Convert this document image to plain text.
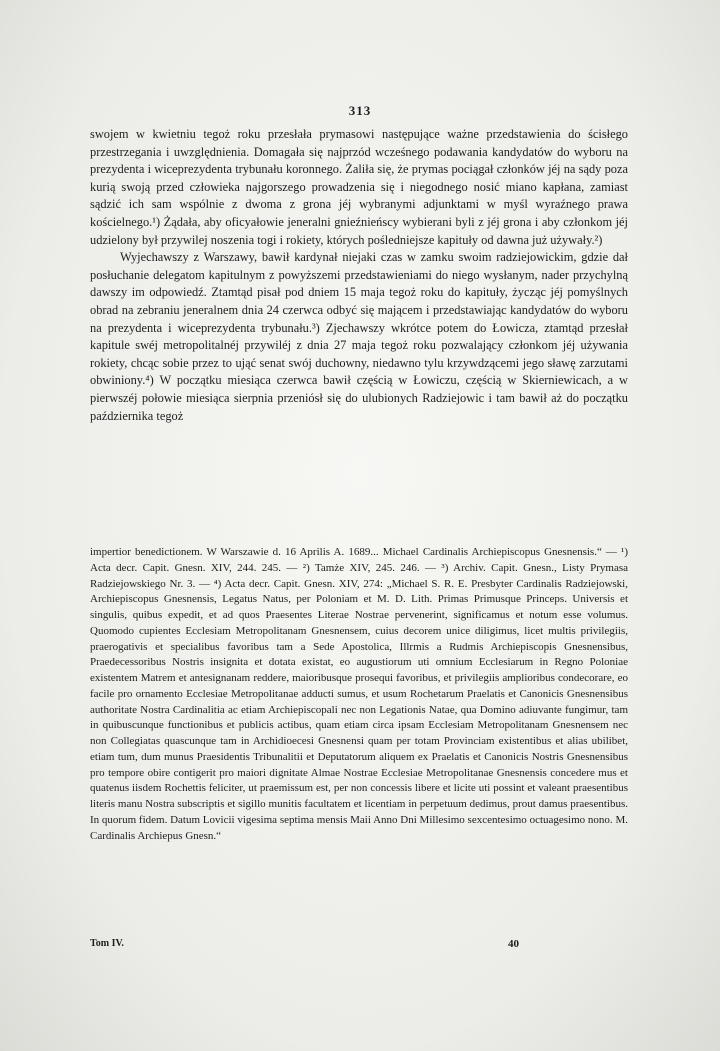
313

swojem w kwietniu tegoż roku przesłała prymasowi następujące ważne przedstawienia do ścisłego przestrzegania i uwzględnienia. Domagała się najprzód wcześnego podawania kandydatów do wyboru na prezydenta i wiceprezydenta trybunału koronnego. Żaliła się, że prymas pociągał członków jéj na sądy poza kurią swoją przed człowieka najgorszego prowadzenia się i niegodnego nosić miano kapłana, zamiast sądzić ich sam wspólnie z dwoma z grona jéj wybranymi adjunktami w myśl wyraźnego prawa kościelnego.¹) Żądała, aby oficyałowie jeneralni gnieźnieńscy wybierani byli z jéj grona i aby członkom jéj udzielony był przywilej noszenia togi i rokiety, których pośledniejsze kapituły od dawna już używały.²)

Wyjechawszy z Warszawy, bawił kardynał niejaki czas w zamku swoim radziejowickim, gdzie dał posłuchanie delegatom kapitulnym z powyższemi przedstawieniami do niego wysłanym, nader przychylną dawszy im odpowiedź. Ztamtąd pisał pod dniem 15 maja tegoż roku do kapituły, życząc jéj pomyślnych obrad na zebraniu jeneralnem dnia 24 czerwca odbyć się mającem i przedstawiając kandydatów do wyboru na prezydenta i wiceprezydenta trybunału.³) Zjechawszy wkrótce potem do Łowicza, ztamtąd przesłał kapitule swéj metropolitalnéj przywiléj z dnia 27 maja tegoż roku pozwalający członkom jéj używania rokiety, chcąc sobie przez to ująć senat swój duchowny, niedawno tylu krzywdzącemi jego sławę zarzutami obwiniony.⁴) W początku miesiąca czerwca bawił częścią w Łowiczu, częścią w Skierniewicach, a w pierwszéj połowie miesiąca sierpnia przeniósł się do ulubionych Radziejowic i tam bawił aż do początku października tegoż

impertior benedictionem. W Warszawie d. 16 Aprilis A. 1689... Michael Cardinalis Archiepiscopus Gnesnensis.“ — ¹) Acta decr. Capit. Gnesn. XIV, 244. 245. — ²) Tamże XIV, 245. 246. — ³) Archiv. Capit. Gnesn., Listy Prymasa Radziejowskiego Nr. 3. — ⁴) Acta decr. Capit. Gnesn. XIV, 274: „Michael S. R. E. Presbyter Cardinalis Radziejowski, Archiepiscopus Gnesnensis, Legatus Natus, per Poloniam et M. D. Lith. Primas Primusque Princeps. Universis et singulis, quibus expedit, et ad quos Praesentes Literae Nostrae pervenerint, significamus et notum esse volumus. Quomodo cupientes Ecclesiam Metropolitanam Gnesnensem, cuius decorem unice diligimus, licet multis privilegiis, praerogativis et specialibus favoribus tam a Sede Apostolica, Illrmis a Rudmis Archiepiscopis Gnesnensibus, Praedecessoribus Nostris insignita et dotata existat, eo augustiorum uti omnium Ecclesiarum in Regno Poloniae existentem Matrem et antesignanam reddere, maioribusque prosequi favoribus, et privilegiis amplioribus condecorare, eo facile pro ornamento Ecclesiae Metropolitanae adducti sumus, et usum Rochetarum Praelatis et Canonicis Gnesnensibus authoritate Nostra Cardinalitia ac etiam Archiepiscopali nec non Legationis Natae, qua Domino adiuvante fungimur, tam in quibuscunque functionibus et publicis actibus, quam etiam circa ipsam Ecclesiam Metropolitanam Gnesnensem nec non Collegiatas quascunque tam in Archidioecesi Gnesnensi quam per totam Provinciam existentibus et alias ubilibet, etiam tum, dum munus Praesidentis Tribunalitii et Deputatorum aliquem ex Praelatis et Canonicis Nostris Gnesnensibus pro tempore obire contigerit pro maiori dignitate Almae Nostrae Ecclesiae Metropolitanae Gnesnensis concedere mus et quatenus iisdem Rochettis feliciter, ut praemissum est, per non concessis libere et licite uti possint et valeant praesentibus literis manu Nostra subscriptis et sigillo munitis facultatem et licentiam in perpetuum dedimus, prout damus praesentibus. In quorum fidem. Datum Lovicii vigesima septima mensis Maii Anno Dni Millesimo sexcentesimo octuagesimo nono. M. Cardinalis Archiepus Gnesn.“

Tom IV.	40
